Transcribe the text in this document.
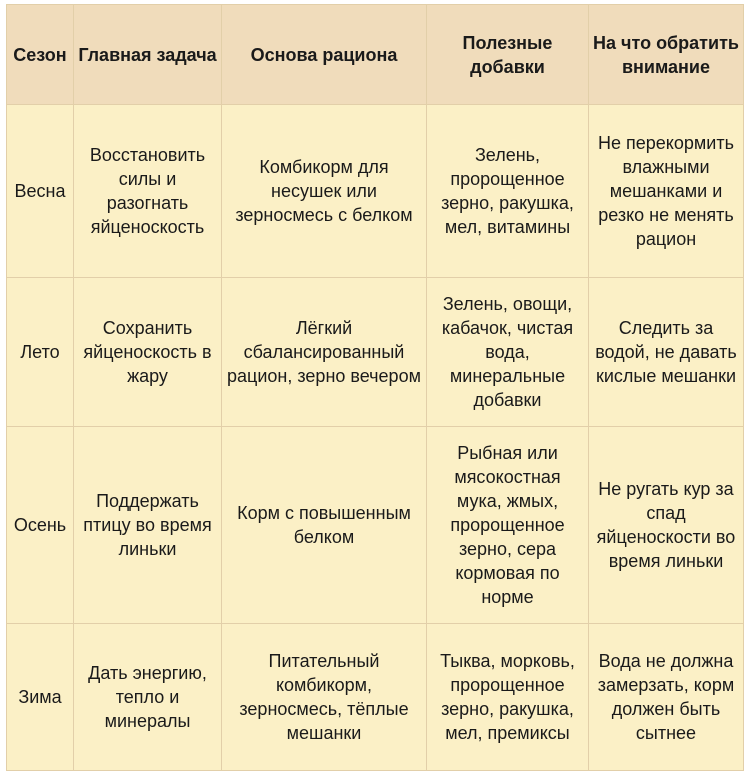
Сезон	Главная задача	Основа рациона	Полезные добавки	На что обратить внимание
Весна	Восстановить силы и разогнать яйценоскость	Комбикорм для несушек или зерносмесь с белком	Зелень, пророщенное зерно, ракушка, мел, витамины	Не перекормить влажными мешанками и резко не менять рацион
Лето	Сохранить яйценоскость в жару	Лёгкий сбалансированный рацион, зерно вечером	Зелень, овощи, кабачок, чистая вода, минеральные добавки	Следить за водой, не давать кислые мешанки
Осень	Поддержать птицу во время линьки	Корм с повышенным белком	Рыбная или мясокостная мука, жмых, пророщенное зерно, сера кормовая по норме	Не ругать кур за спад яйценоскости во время линьки
Зима	Дать энергию, тепло и минералы	Питательный комбикорм, зерносмесь, тёплые мешанки	Тыква, морковь, пророщенное зерно, ракушка, мел, премиксы	Вода не должна замерзать, корм должен быть сытнее
